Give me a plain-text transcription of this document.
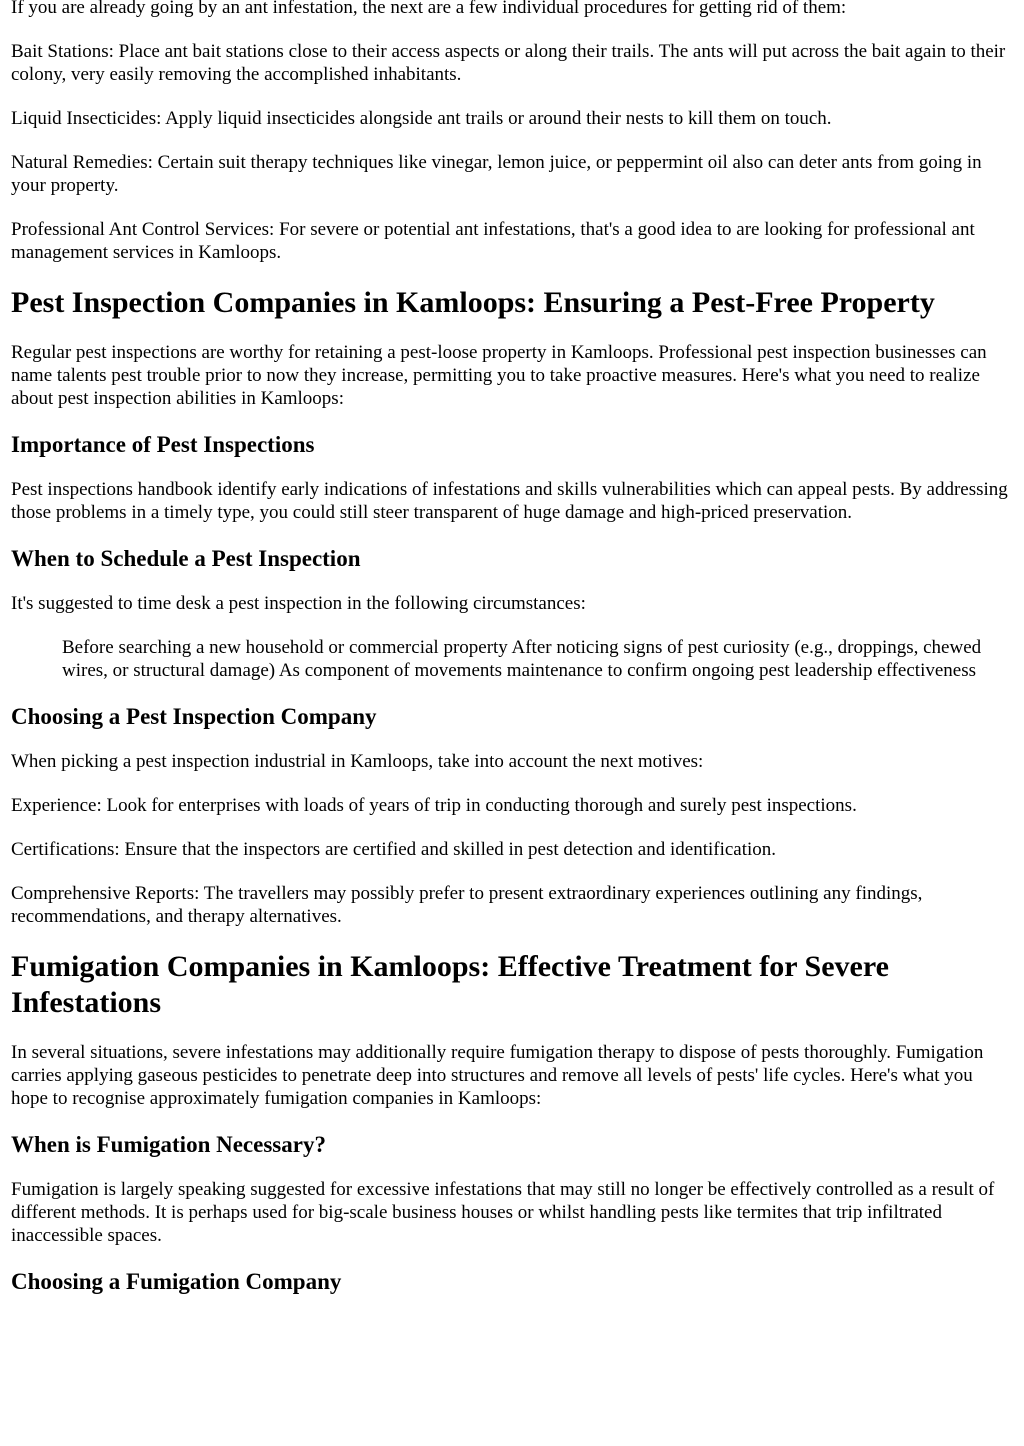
If you are already going by an ant infestation, the next are a few individual procedures for getting rid of them:

Bait Stations: Place ant bait stations close to their access aspects or along their trails. The ants will put across the bait again to their colony, very easily removing the accomplished inhabitants.

Liquid Insecticides: Apply liquid insecticides alongside ant trails or around their nests to kill them on touch.

Natural Remedies: Certain suit therapy techniques like vinegar, lemon juice, or peppermint oil also can deter ants from going in your property.

Professional Ant Control Services: For severe or potential ant infestations, that's a good idea to are looking for professional ant management services in Kamloops.

Pest Inspection Companies in Kamloops: Ensuring a Pest-Free Property

Regular pest inspections are worthy for retaining a pest-loose property in Kamloops. Professional pest inspection businesses can name talents pest trouble prior to now they increase, permitting you to take proactive measures. Here's what you need to realize about pest inspection abilities in Kamloops:

Importance of Pest Inspections

Pest inspections handbook identify early indications of infestations and skills vulnerabilities which can appeal pests. By addressing those problems in a timely type, you could still steer transparent of huge damage and high-priced preservation.

When to Schedule a Pest Inspection

It's suggested to time desk a pest inspection in the following circumstances:

Before searching a new household or commercial property After noticing signs of pest curiosity (e.g., droppings, chewed wires, or structural damage) As component of movements maintenance to confirm ongoing pest leadership effectiveness
Choosing a Pest Inspection Company

When picking a pest inspection industrial in Kamloops, take into account the next motives:

Experience: Look for enterprises with loads of years of trip in conducting thorough and surely pest inspections.

Certifications: Ensure that the inspectors are certified and skilled in pest detection and identification.

Comprehensive Reports: The travellers may possibly prefer to present extraordinary experiences outlining any findings, recommendations, and therapy alternatives.

Fumigation Companies in Kamloops: Effective Treatment for Severe Infestations

In several situations, severe infestations may additionally require fumigation therapy to dispose of pests thoroughly. Fumigation carries applying gaseous pesticides to penetrate deep into structures and remove all levels of pests' life cycles. Here's what you hope to recognise approximately fumigation companies in Kamloops:

When is Fumigation Necessary?

Fumigation is largely speaking suggested for excessive infestations that may still no longer be effectively controlled as a result of different methods. It is perhaps used for big-scale business houses or whilst handling pests like termites that trip infiltrated inaccessible spaces.

Choosing a Fumigation Company
